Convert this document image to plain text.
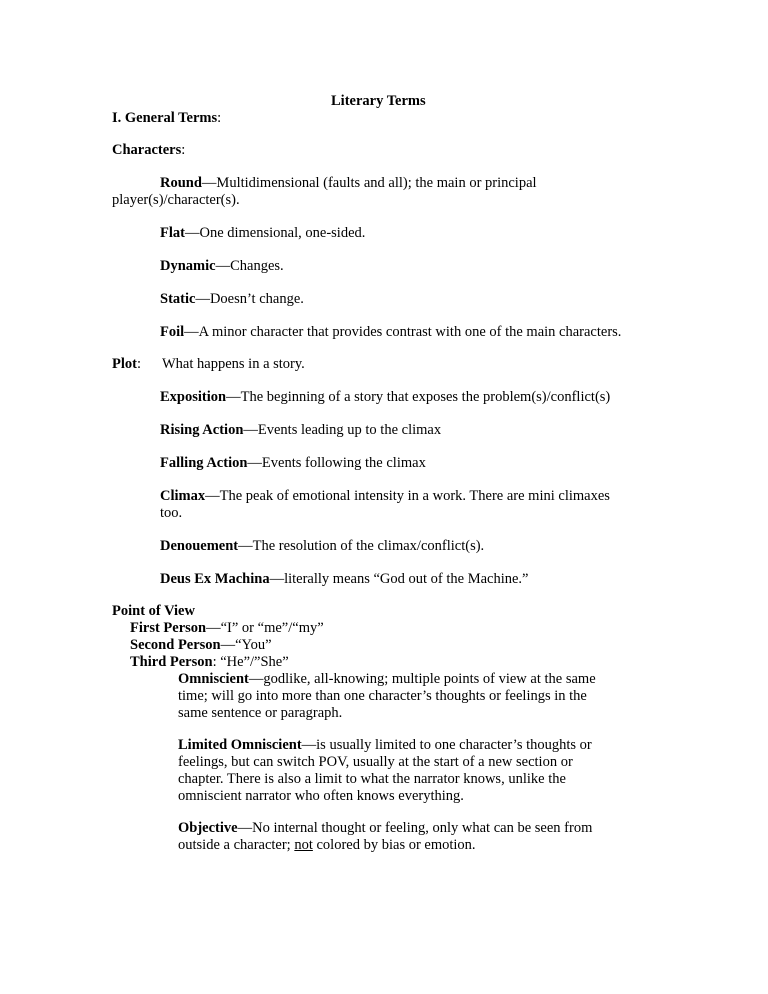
Literary Terms
I. General Terms:
Characters:
Round—Multidimensional (faults and all); the main or principal
player(s)/character(s).
Flat—One dimensional, one-sided.
Dynamic—Changes.
Static—Doesn’t change.
Foil—A minor character that provides contrast with one of the main characters.
Plot: What happens in a story.
Exposition—The beginning of a story that exposes the problem(s)/conflict(s)
Rising Action—Events leading up to the climax
Falling Action—Events following the climax
Climax—The peak of emotional intensity in a work. There are mini climaxes
too.
Denouement—The resolution of the climax/conflict(s).
Deus Ex Machina—literally means “God out of the Machine.”
Point of View
First Person—“I” or “me”/“my”
Second Person—“You”
Third Person: “He”/”She”
Omniscient—godlike, all-knowing; multiple points of view at the same
time; will go into more than one character’s thoughts or feelings in the
same sentence or paragraph.
Limited Omniscient—is usually limited to one character’s thoughts or
feelings, but can switch POV, usually at the start of a new section or
chapter. There is also a limit to what the narrator knows, unlike the
omniscient narrator who often knows everything.
Objective—No internal thought or feeling, only what can be seen from
outside a character; not colored by bias or emotion.
